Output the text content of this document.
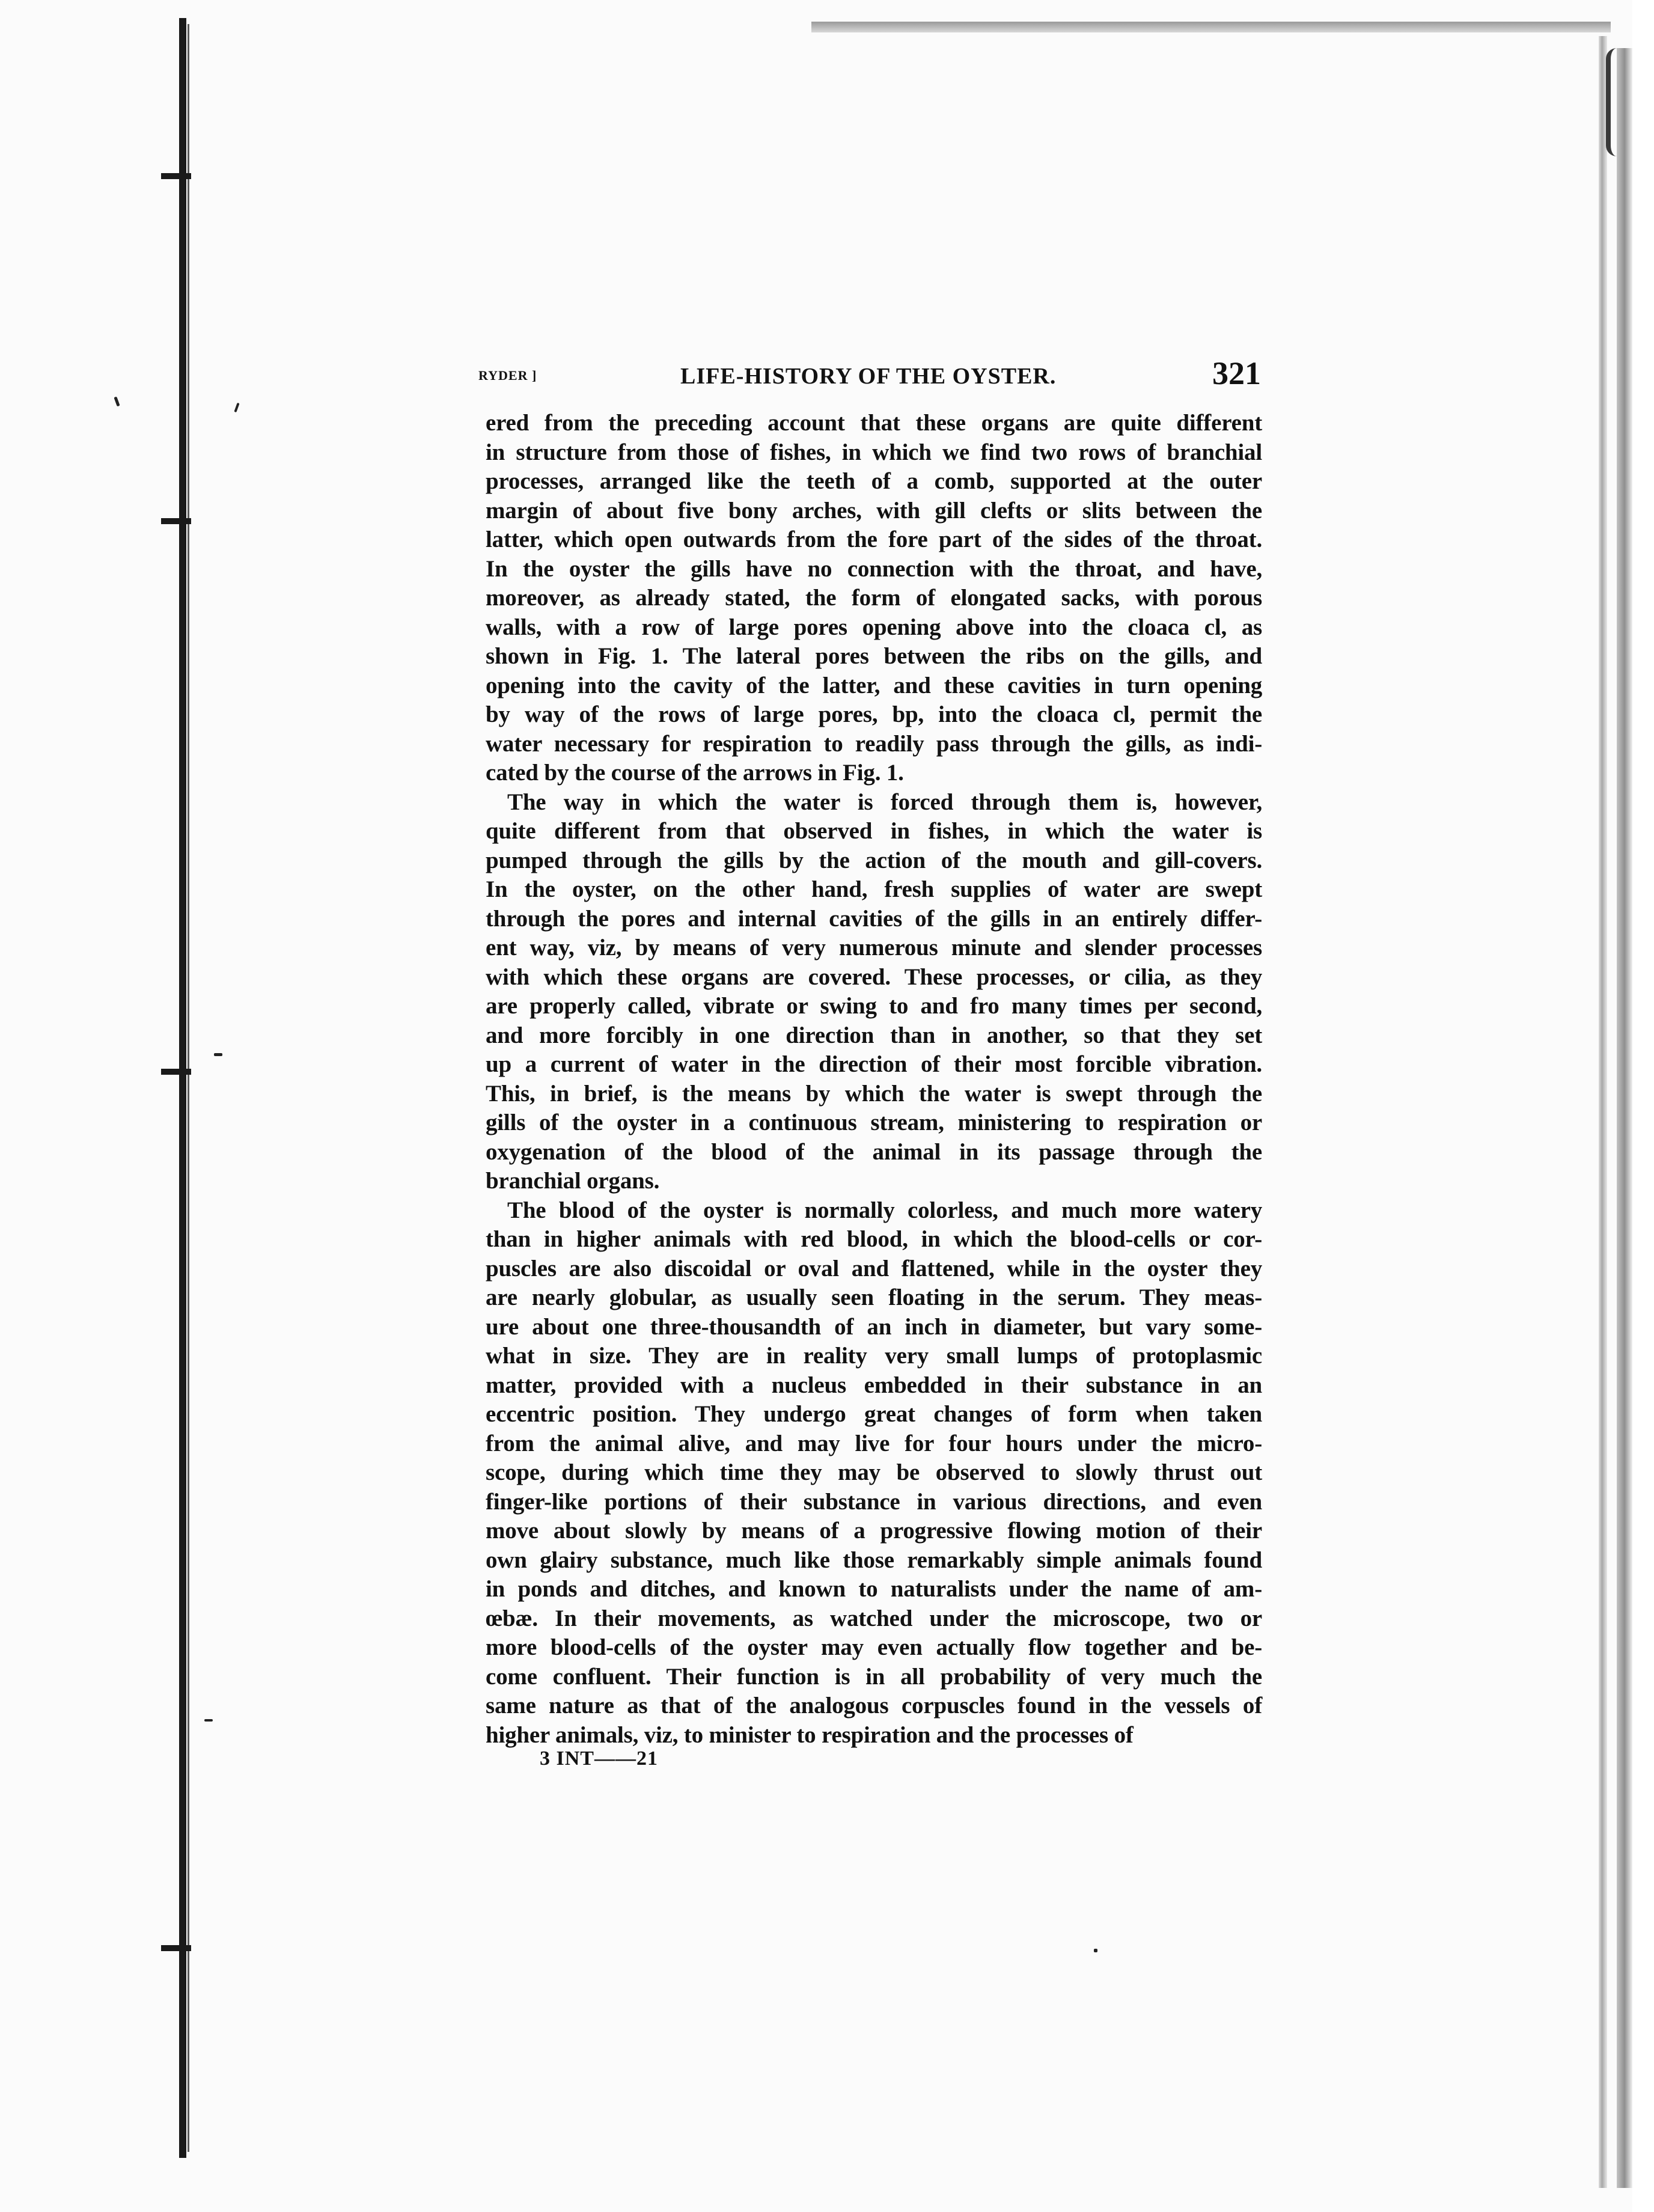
RYDER ]	LIFE-HISTORY OF THE OYSTER.	321
ered from the preceding account that these organs are quite different
in structure from those of fishes, in which we find two rows of branchial
processes, arranged like the teeth of a comb, supported at the outer
margin of about five bony arches, with gill clefts or slits between the
latter, which open outwards from the fore part of the sides of the throat.
In the oyster the gills have no connection with the throat, and have,
moreover, as already stated, the form of elongated sacks, with porous
walls, with a row of large pores opening above into the cloaca cl, as
shown in Fig. 1. The lateral pores between the ribs on the gills, and
opening into the cavity of the latter, and these cavities in turn opening
by way of the rows of large pores, bp, into the cloaca cl, permit the
water necessary for respiration to readily pass through the gills, as indi-
cated by the course of the arrows in Fig. 1.
The way in which the water is forced through them is, however,
quite different from that observed in fishes, in which the water is
pumped through the gills by the action of the mouth and gill-covers.
In the oyster, on the other hand, fresh supplies of water are swept
through the pores and internal cavities of the gills in an entirely differ-
ent way, viz, by means of very numerous minute and slender processes
with which these organs are covered. These processes, or cilia, as they
are properly called, vibrate or swing to and fro many times per second,
and more forcibly in one direction than in another, so that they set
up a current of water in the direction of their most forcible vibration.
This, in brief, is the means by which the water is swept through the
gills of the oyster in a continuous stream, ministering to respiration or
oxygenation of the blood of the animal in its passage through the
branchial organs.
The blood of the oyster is normally colorless, and much more watery
than in higher animals with red blood, in which the blood-cells or cor-
puscles are also discoidal or oval and flattened, while in the oyster they
are nearly globular, as usually seen floating in the serum. They meas-
ure about one three-thousandth of an inch in diameter, but vary some-
what in size. They are in reality very small lumps of protoplasmic
matter, provided with a nucleus embedded in their substance in an
eccentric position. They undergo great changes of form when taken
from the animal alive, and may live for four hours under the micro-
scope, during which time they may be observed to slowly thrust out
finger-like portions of their substance in various directions, and even
move about slowly by means of a progressive flowing motion of their
own glairy substance, much like those remarkably simple animals found
in ponds and ditches, and known to naturalists under the name of am-
œbæ. In their movements, as watched under the microscope, two or
more blood-cells of the oyster may even actually flow together and be-
come confluent. Their function is in all probability of very much the
same nature as that of the analogous corpuscles found in the vessels of
higher animals, viz, to minister to respiration and the processes of
3 INT——21
